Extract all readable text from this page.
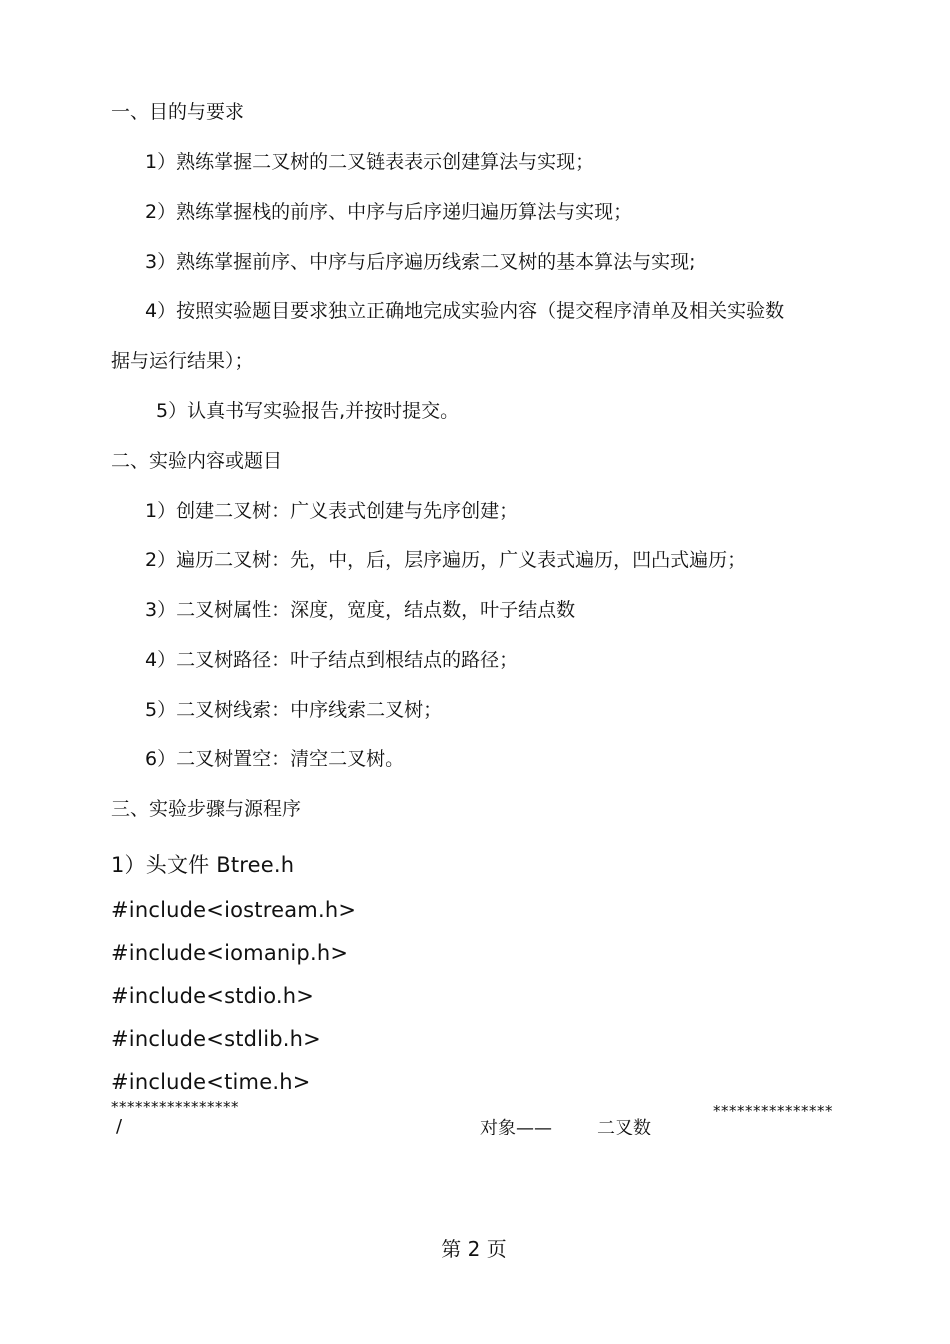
一、目的与要求
1）熟练掌握二叉树的二叉链表表示创建算法与实现；
2）熟练掌握栈的前序、中序与后序递归遍历算法与实现；
3）熟练掌握前序、中序与后序遍历线索二叉树的基本算法与实现;
4）按照实验题目要求独立正确地完成实验内容（提交程序清单及相关实验数
据与运行结果）；
5）认真书写实验报告,并按时提交。
二、实验内容或题目
1）创建二叉树：广义表式创建与先序创建；
2）遍历二叉树：先，中，后，层序遍历，广义表式遍历，凹凸式遍历；
3）二叉树属性：深度，宽度，结点数，叶子结点数
4）二叉树路径：叶子结点到根结点的路径；
5）二叉树线索：中序线索二叉树；
6）二叉树置空：清空二叉树。
三、实验步骤与源程序
1）头文件 Btree.h
#include<iostream.h>
#include<iomanip.h>
#include<stdio.h>
#include<stdlib.h>
#include<time.h>
****************	***************
/	对象——	二叉数
第 2 页
